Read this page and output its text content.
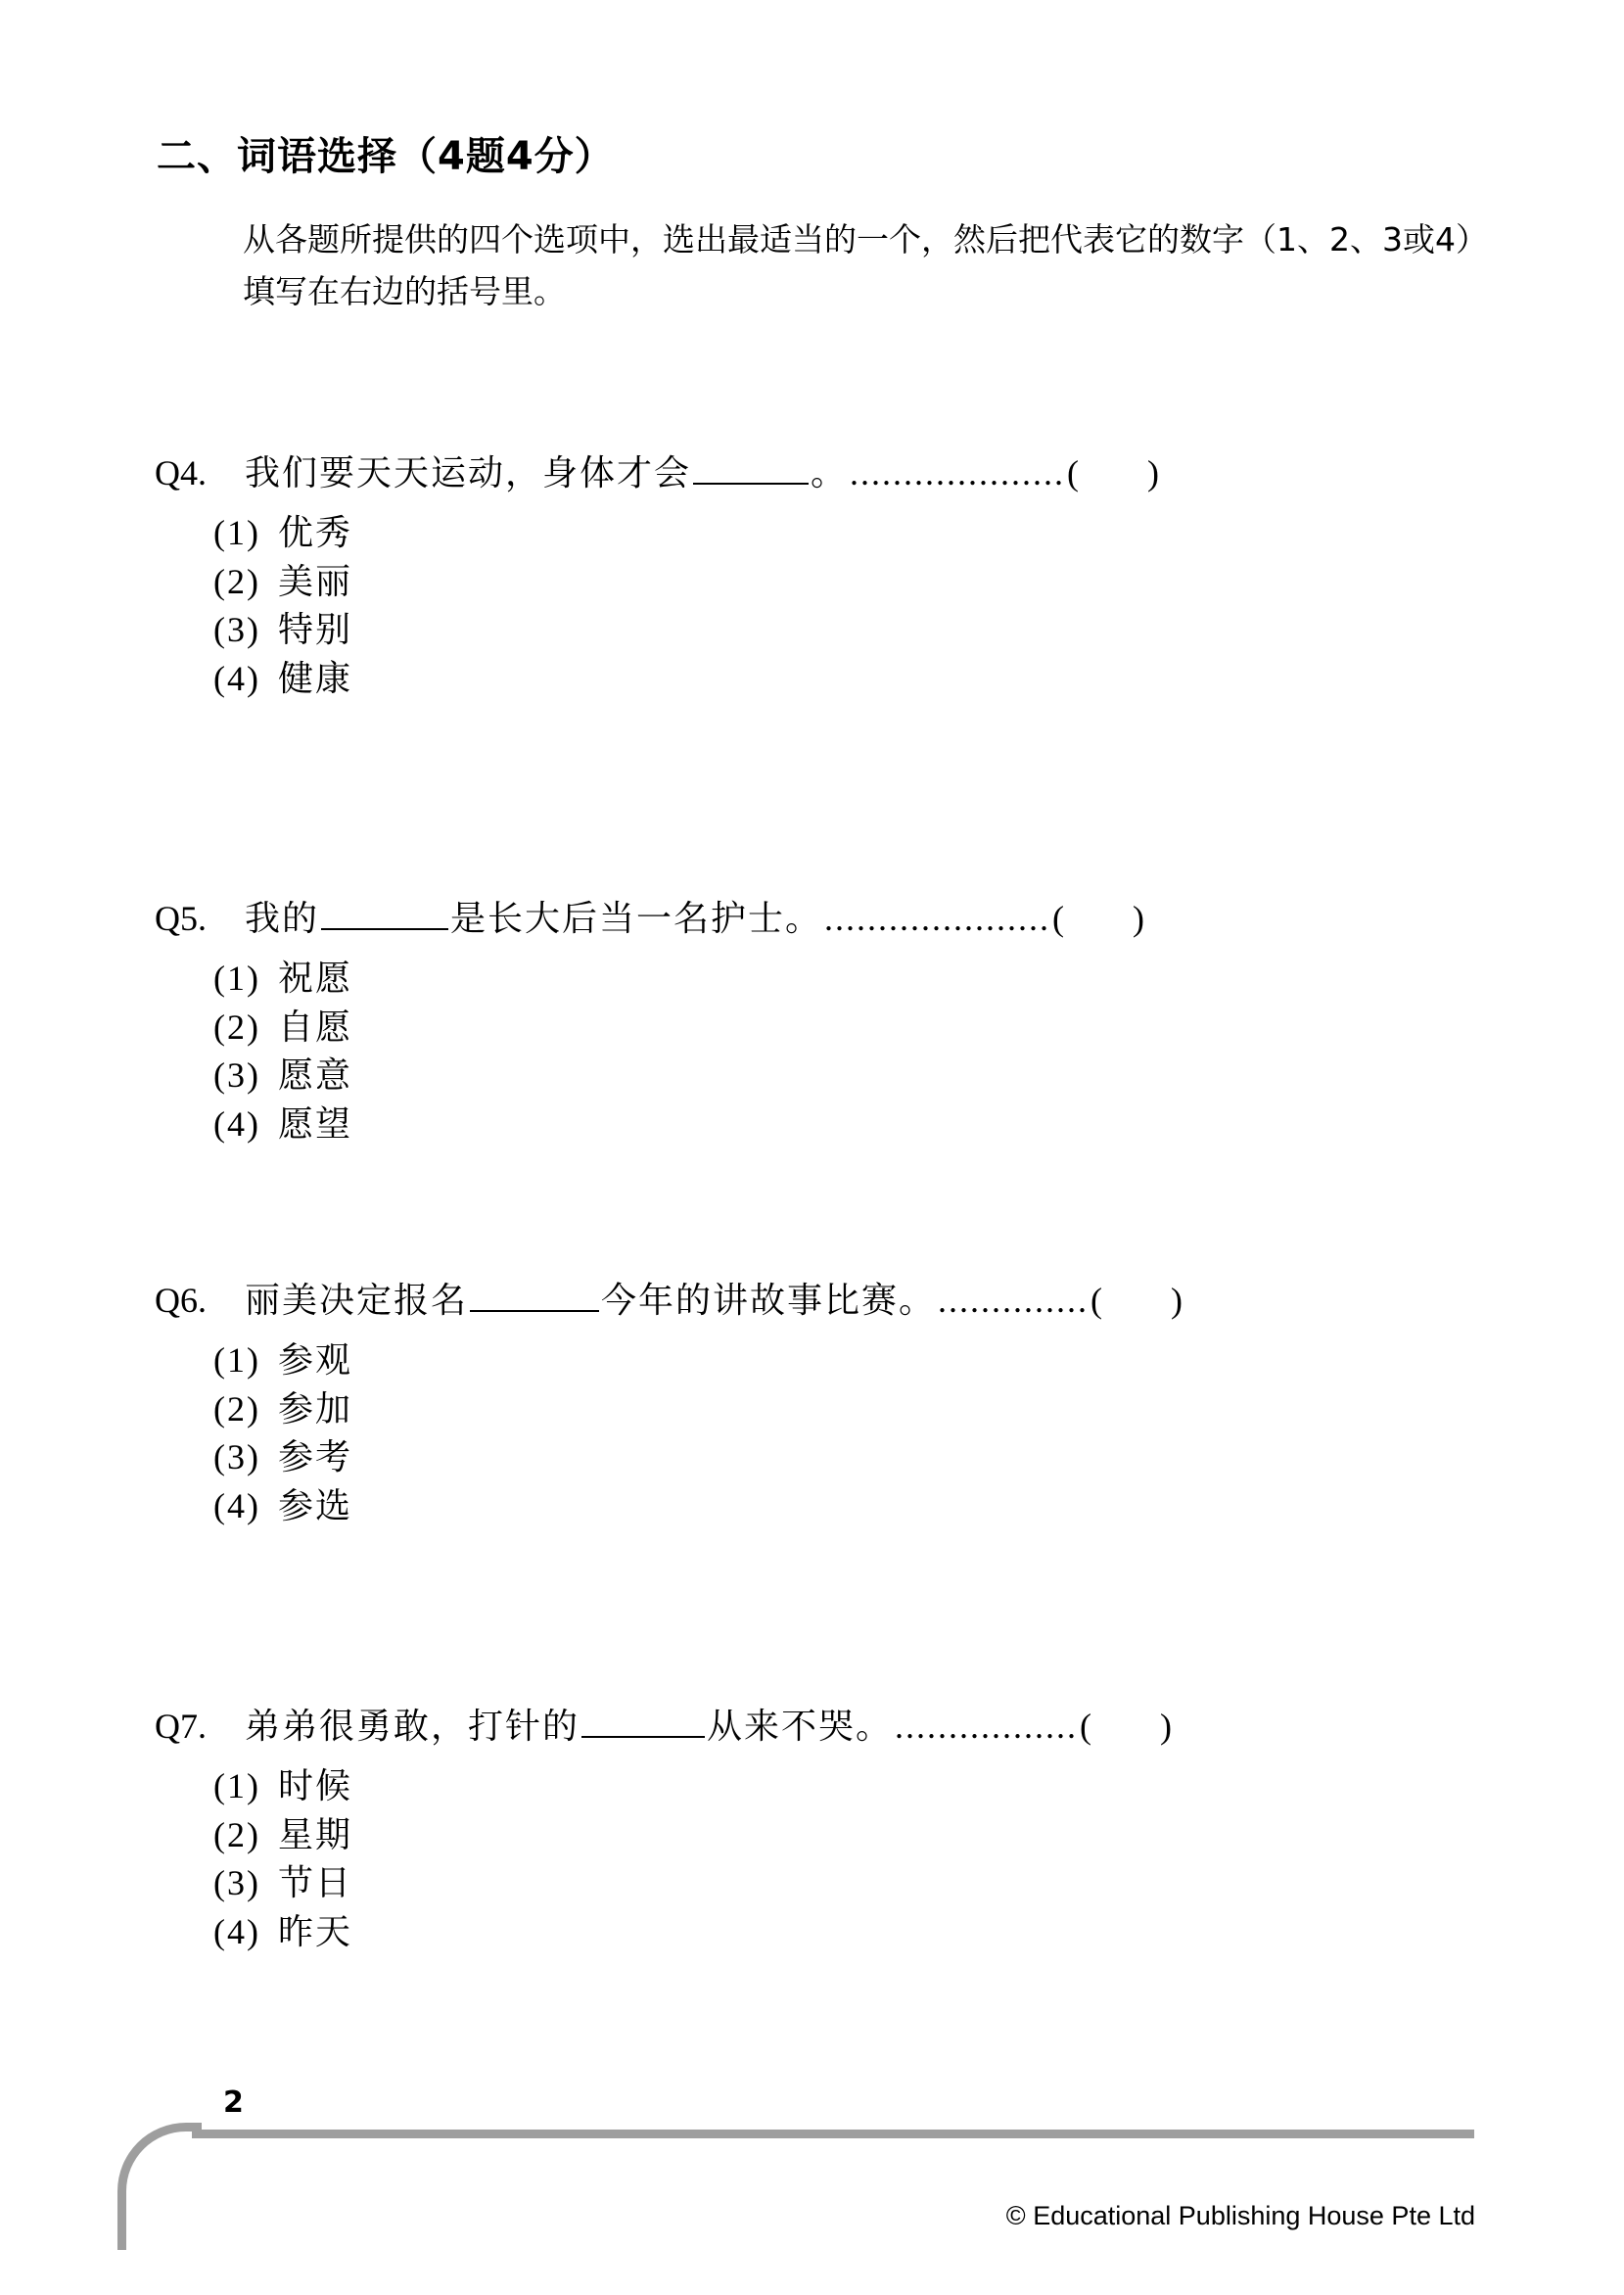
二、词语选择（4题4分）
从各题所提供的四个选项中，选出最适当的一个，然后把代表它的数字（1、2、3或4）填写在右边的括号里。
Q4.	我们要天天运动，身体才会	。 .................... ( )
(1) 优秀
(2) 美丽
(3) 特别
(4) 健康
Q5.	我的	是长大后当一名护士。 ..................... ( )
(1) 祝愿
(2) 自愿
(3) 愿意
(4) 愿望
Q6.	丽美决定报名	今年的讲故事比赛。 .............. ( )
(1) 参观
(2) 参加
(3) 参考
(4) 参选
Q7.	弟弟很勇敢，打针的	从来不哭。 ................. ( )
(1) 时候
(2) 星期
(3) 节日
(4) 昨天
2
© Educational Publishing House Pte Ltd
